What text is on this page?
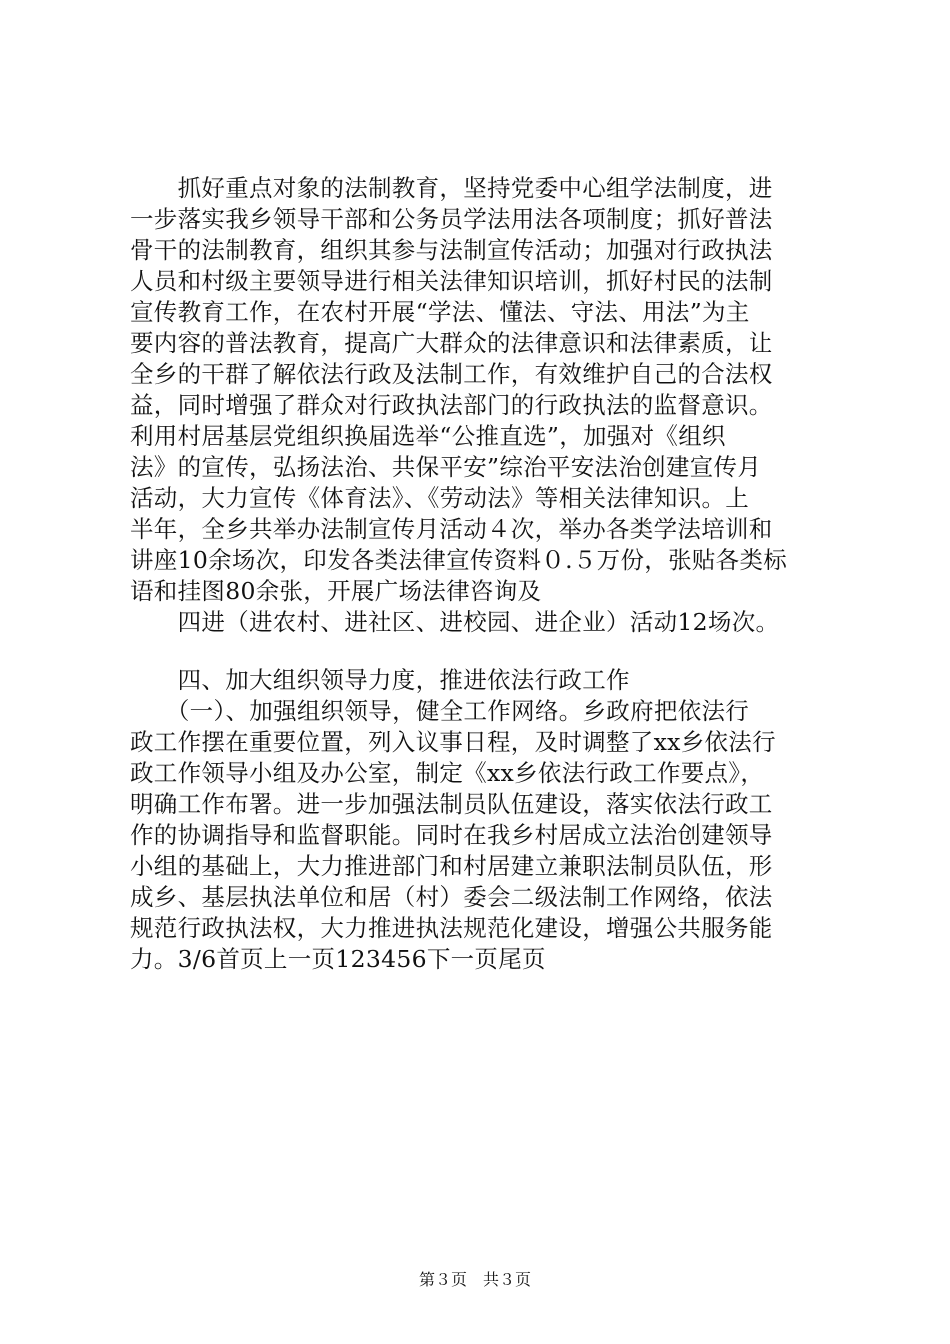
　　抓好重点对象的法制教育，坚持党委中心组学法制度，进
一步落实我乡领导干部和公务员学法用法各项制度；抓好普法
骨干的法制教育，组织其参与法制宣传活动；加强对行政执法
人员和村级主要领导进行相关法律知识培训，抓好村民的法制
宣传教育工作，在农村开展“学法、懂法、守法、用法”为主
要内容的普法教育，提高广大群众的法律意识和法律素质，让
全乡的干群了解依法行政及法制工作，有效维护自己的合法权
益，同时增强了群众对行政执法部门的行政执法的监督意识。
利用村居基层党组织换届选举“公推直选”，加强对《组织
法》的宣传，弘扬法治、共保平安”综治平安法治创建宣传月
活动，大力宣传《体育法》、《劳动法》等相关法律知识。上
半年，全乡共举办法制宣传月活动４次，举办各类学法培训和
讲座10余场次，印发各类法律宣传资料０.５万份，张贴各类标
语和挂图80余张，开展广场法律咨询及
　　四进（进农村、进社区、进校园、进企业）活动12场次。
　　四、加大组织领导力度，推进依法行政工作
　　（一）、加强组织领导，健全工作网络。乡政府把依法行
政工作摆在重要位置，列入议事日程，及时调整了xx乡依法行
政工作领导小组及办公室，制定《xx乡依法行政工作要点》，
明确工作布署。进一步加强法制员队伍建设，落实依法行政工
作的协调指导和监督职能。同时在我乡村居成立法治创建领导
小组的基础上，大力推进部门和村居建立兼职法制员队伍，形
成乡、基层执法单位和居（村）委会二级法制工作网络，依法
规范行政执法权，大力推进执法规范化建设，增强公共服务能
力。3/6首页上一页123456下一页尾页
第３页　共３页
